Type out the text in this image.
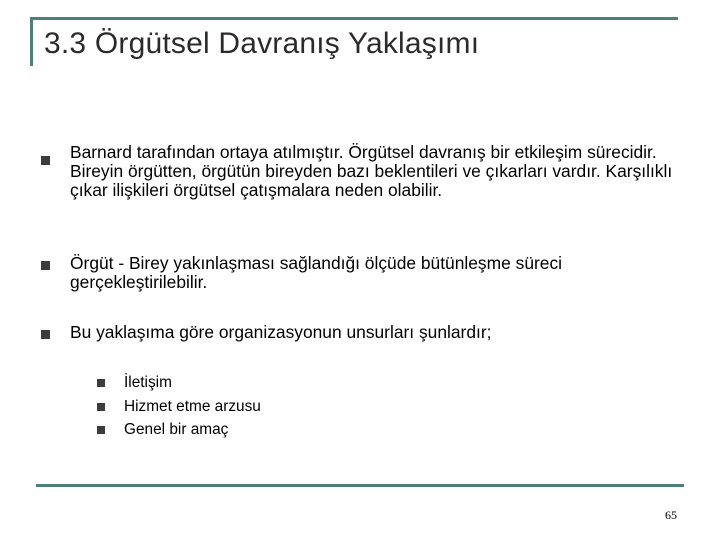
3.3 Örgütsel Davranış Yaklaşımı
Barnard tarafından ortaya atılmıştır. Örgütsel davranış bir etkileşim sürecidir. Bireyin örgütten, örgütün bireyden bazı beklentileri ve çıkarları vardır. Karşılıklı çıkar ilişkileri örgütsel çatışmalara neden olabilir.
Örgüt - Birey yakınlaşması sağlandığı ölçüde bütünleşme süreci gerçekleştirilebilir.
Bu yaklaşıma göre organizasyonun unsurları şunlardır;
İletişim
Hizmet etme arzusu
Genel bir amaç
65
